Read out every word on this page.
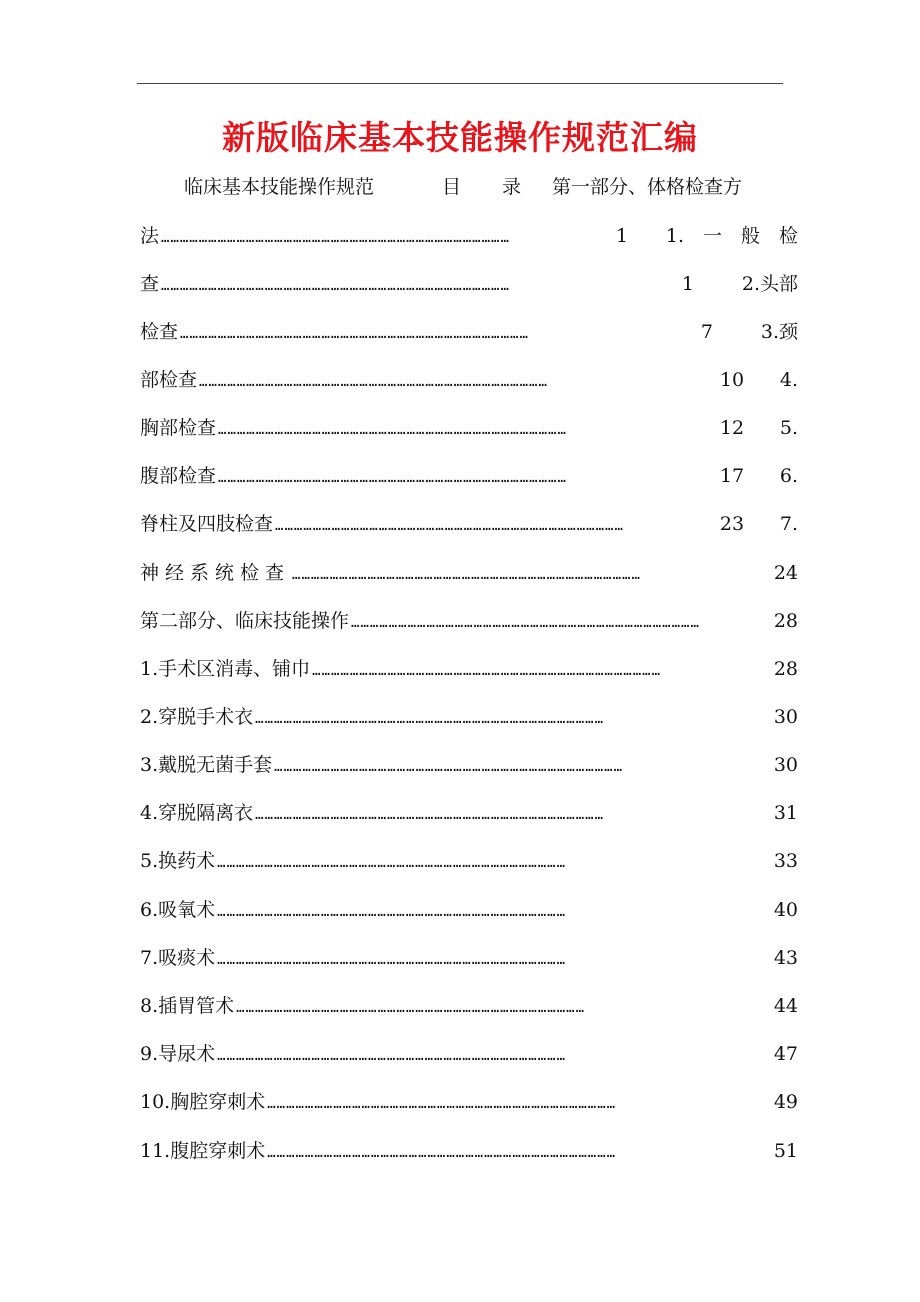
新版临床基本技能操作规范汇编
临床基本技能操作规范	目 录 第一部分、体格检查方
法 …………………………………………………………………………………………………	1	1.　一　般　检
查 …………………………………………………………………………………………………	1	2.头部
检查 …………………………………………………………………………………………………	7	3.颈
部检查 …………………………………………………………………………………………………	10	4.
胸部检查 …………………………………………………………………………………………………	12	5.
腹部检查 …………………………………………………………………………………………………	17	6.
脊柱及四肢检查 …………………………………………………………………………………………………	23	7.
神经系统检查 …………………………………………………………………………………………………	24
第二部分、临床技能操作 …………………………………………………………………………………………………	28
1.手术区消毒、铺巾 …………………………………………………………………………………………………	28
2.穿脱手术衣 …………………………………………………………………………………………………	30
3.戴脱无菌手套 …………………………………………………………………………………………………	30
4.穿脱隔离衣 …………………………………………………………………………………………………	31
5.换药术 …………………………………………………………………………………………………	33
6.吸氧术 …………………………………………………………………………………………………	40
7.吸痰术 …………………………………………………………………………………………………	43
8.插胃管术 …………………………………………………………………………………………………	44
9.导尿术 …………………………………………………………………………………………………	47
10.胸腔穿刺术 …………………………………………………………………………………………………	49
11.腹腔穿刺术 …………………………………………………………………………………………………	51
